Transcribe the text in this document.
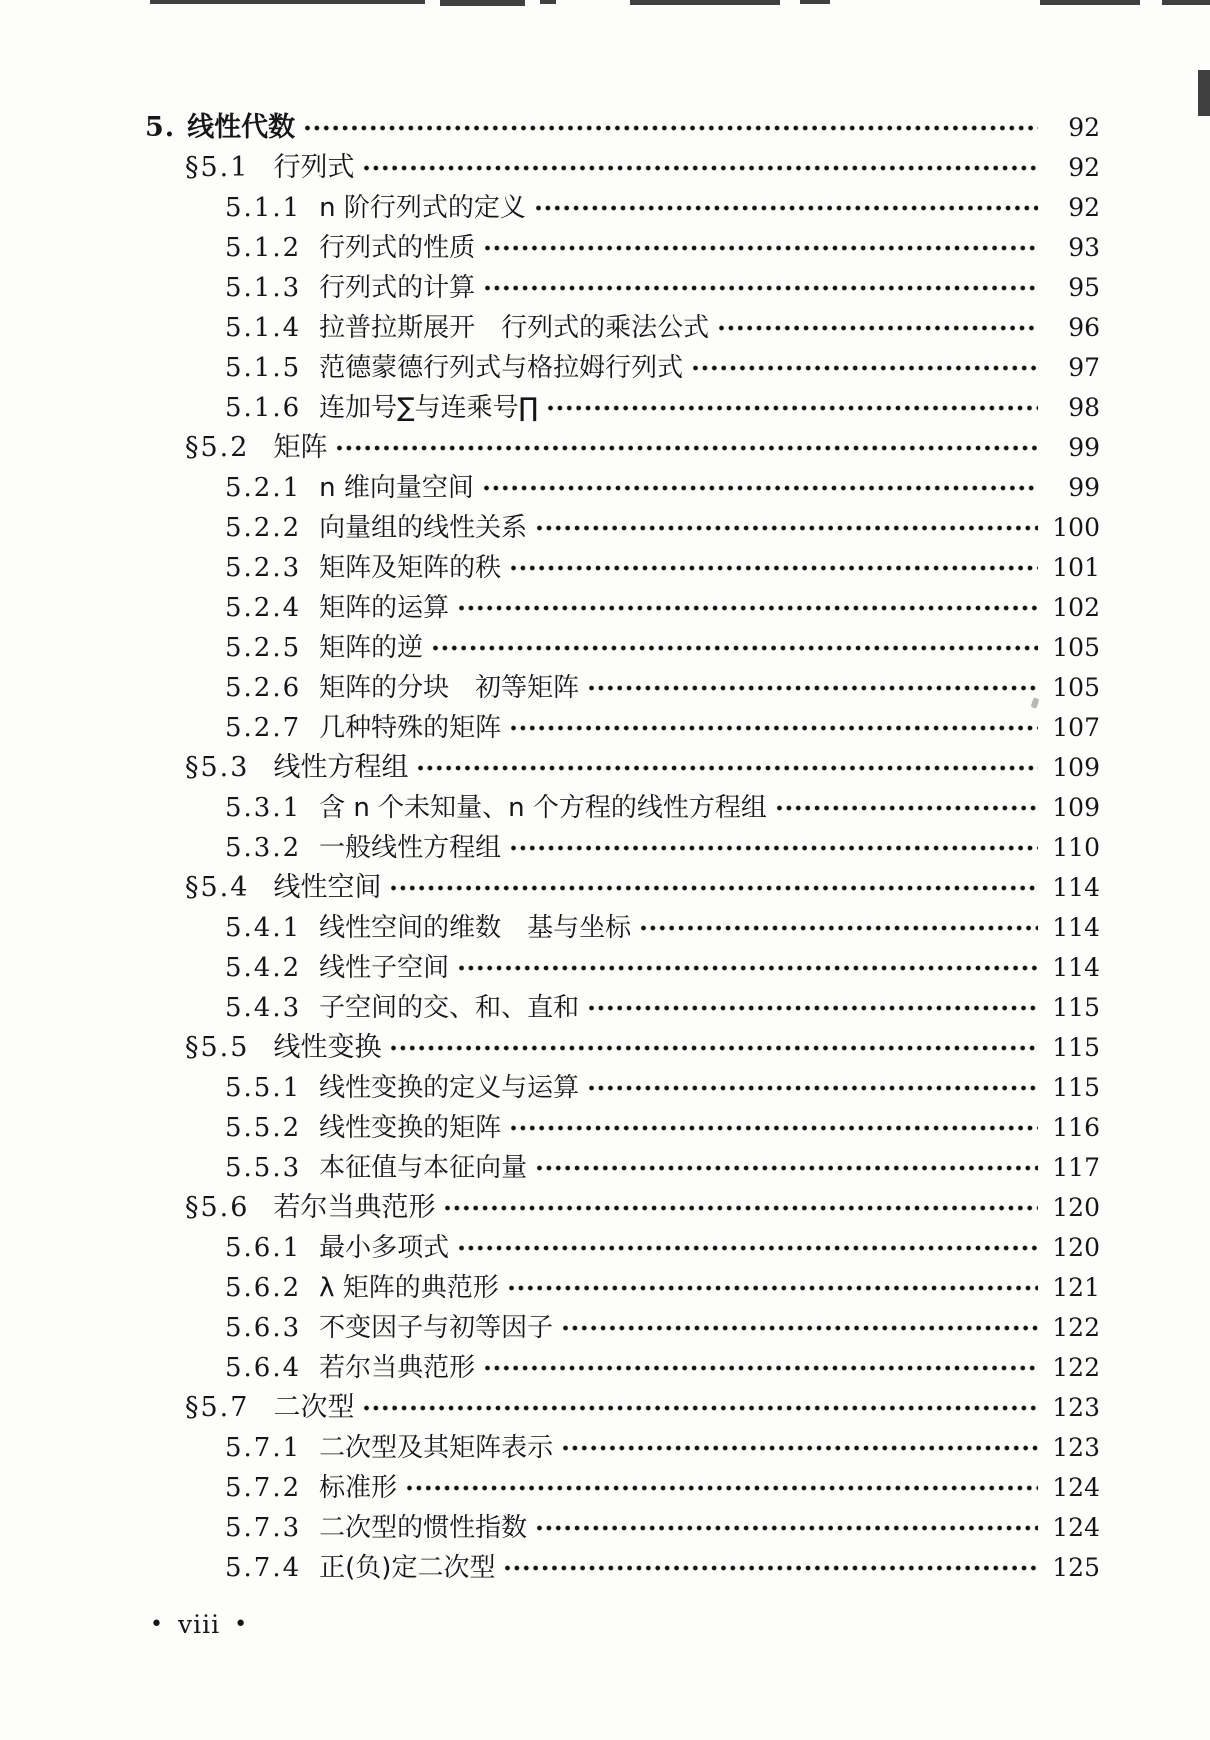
5. 线性代数	92
§5.1 行列式	92
5.1.1 n 阶行列式的定义	92
5.1.2 行列式的性质	93
5.1.3 行列式的计算	95
5.1.4 拉普拉斯展开　行列式的乘法公式	96
5.1.5 范德蒙德行列式与格拉姆行列式	97
5.1.6 连加号∑与连乘号∏	98
§5.2 矩阵	99
5.2.1 n 维向量空间	99
5.2.2 向量组的线性关系	100
5.2.3 矩阵及矩阵的秩	101
5.2.4 矩阵的运算	102
5.2.5 矩阵的逆	105
5.2.6 矩阵的分块　初等矩阵	105
5.2.7 几种特殊的矩阵	107
§5.3 线性方程组	109
5.3.1 含 n 个未知量、n 个方程的线性方程组	109
5.3.2 一般线性方程组	110
§5.4 线性空间	114
5.4.1 线性空间的维数　基与坐标	114
5.4.2 线性子空间	114
5.4.3 子空间的交、和、直和	115
§5.5 线性变换	115
5.5.1 线性变换的定义与运算	115
5.5.2 线性变换的矩阵	116
5.5.3 本征值与本征向量	117
§5.6 若尔当典范形	120
5.6.1 最小多项式	120
5.6.2 λ 矩阵的典范形	121
5.6.3 不变因子与初等因子	122
5.6.4 若尔当典范形	122
§5.7 二次型	123
5.7.1 二次型及其矩阵表示	123
5.7.2 标准形	124
5.7.3 二次型的惯性指数	124
5.7.4 正(负)定二次型	125
• viii •
